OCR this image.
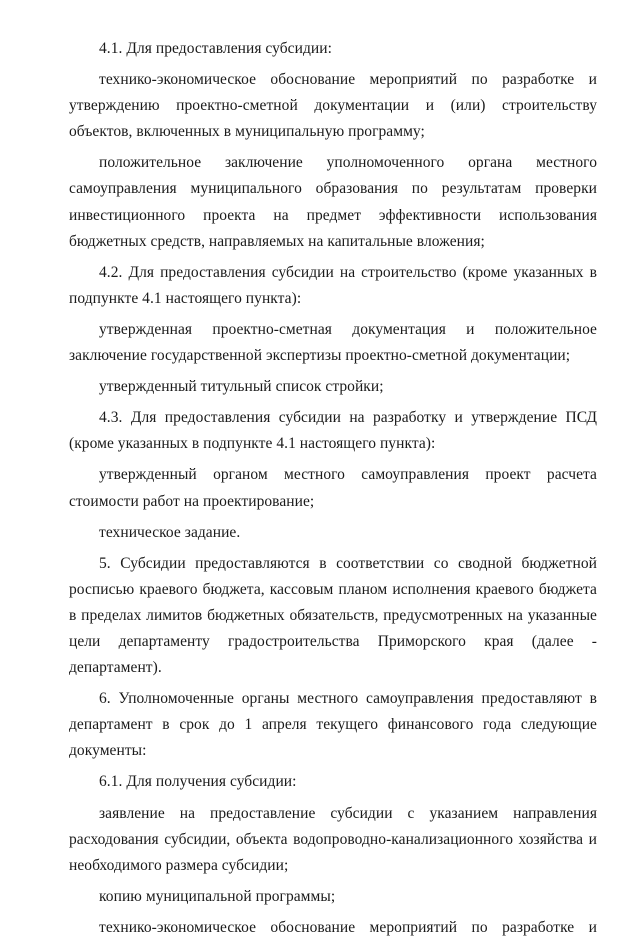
4.1. Для предоставления субсидии:

технико-экономическое обоснование мероприятий по разработке и утверждению проектно-сметной документации и (или) строительству объектов, включенных в муниципальную программу;

положительное заключение уполномоченного органа местного самоуправления муниципального образования по результатам проверки инвестиционного проекта на предмет эффективности использования бюджетных средств, направляемых на капитальные вложения;

4.2. Для предоставления субсидии на строительство (кроме указанных в подпункте 4.1 настоящего пункта):

утвержденная проектно-сметная документация и положительное заключение государственной экспертизы проектно-сметной документации;

утвержденный титульный список стройки;

4.3. Для предоставления субсидии на разработку и утверждение ПСД (кроме указанных в подпункте 4.1 настоящего пункта):

утвержденный органом местного самоуправления проект расчета стоимости работ на проектирование;

техническое задание.

5. Субсидии предоставляются в соответствии со сводной бюджетной росписью краевого бюджета, кассовым планом исполнения краевого бюджета в пределах лимитов бюджетных обязательств, предусмотренных на указанные цели департаменту градостроительства Приморского края (далее - департамент).

6. Уполномоченные органы местного самоуправления предоставляют в департамент в срок до 1 апреля текущего финансового года следующие документы:

6.1. Для получения субсидии:

заявление на предоставление субсидии с указанием направления расходования субсидии, объекта водопроводно-канализационного хозяйства и необходимого размера субсидии;

копию муниципальной программы;

технико-экономическое обоснование мероприятий по разработке и
